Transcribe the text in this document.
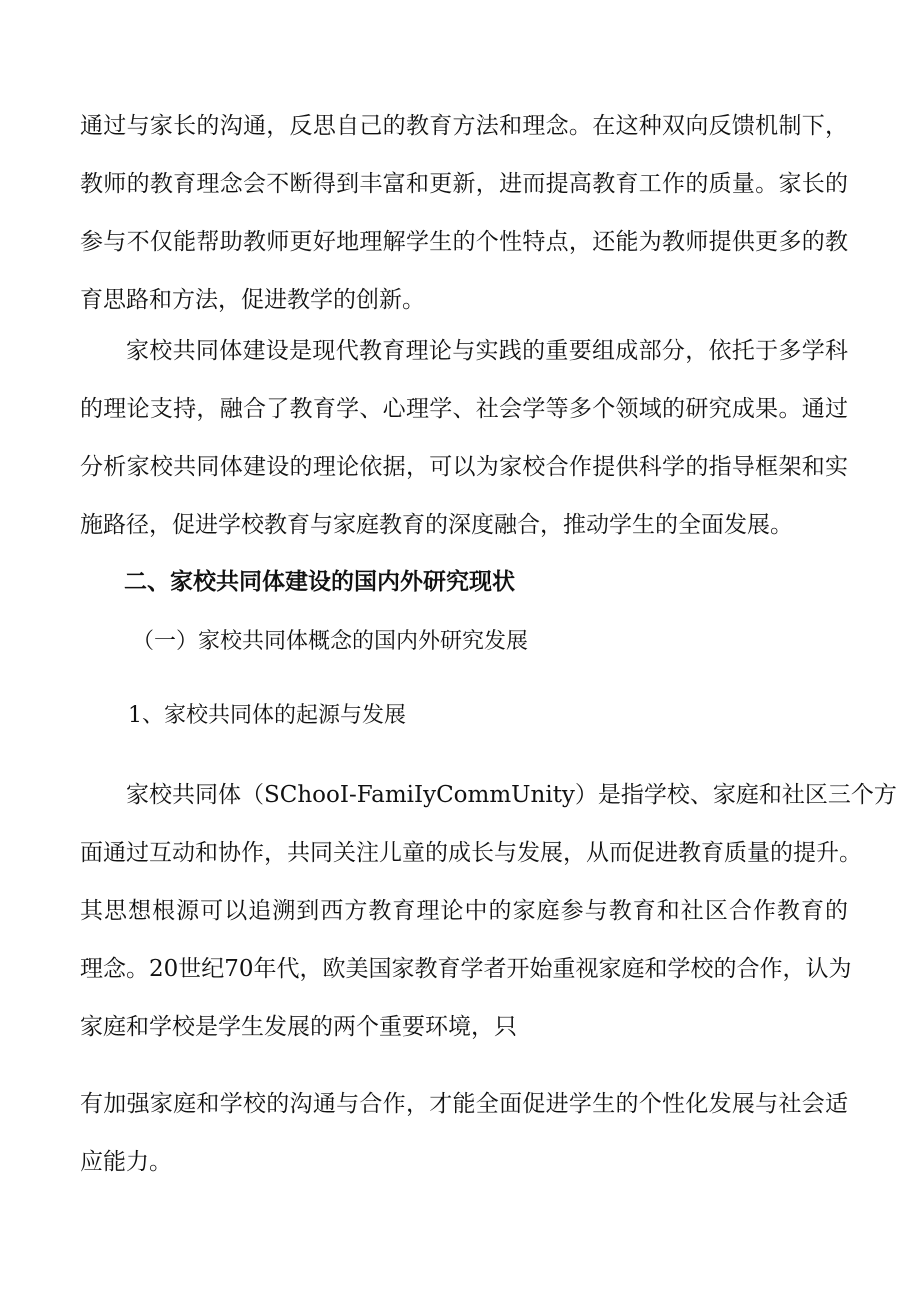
通过与家长的沟通，反思自己的教育方法和理念。在这种双向反馈机制下，
教师的教育理念会不断得到丰富和更新，进而提高教育工作的质量。家长的
参与不仅能帮助教师更好地理解学生的个性特点，还能为教师提供更多的教
育思路和方法，促进教学的创新。
家校共同体建设是现代教育理论与实践的重要组成部分，依托于多学科
的理论支持，融合了教育学、心理学、社会学等多个领域的研究成果。通过
分析家校共同体建设的理论依据，可以为家校合作提供科学的指导框架和实
施路径，促进学校教育与家庭教育的深度融合，推动学生的全面发展。
二、家校共同体建设的国内外研究现状
（一）家校共同体概念的国内外研究发展
1、家校共同体的起源与发展
家校共同体（SChooI-FamiIyCommUnity）是指学校、家庭和社区三个方
面通过互动和协作，共同关注儿童的成长与发展，从而促进教育质量的提升。
其思想根源可以追溯到西方教育理论中的家庭参与教育和社区合作教育的
理念。20世纪70年代，欧美国家教育学者开始重视家庭和学校的合作，认为
家庭和学校是学生发展的两个重要环境，只
有加强家庭和学校的沟通与合作，才能全面促进学生的个性化发展与社会适
应能力。
